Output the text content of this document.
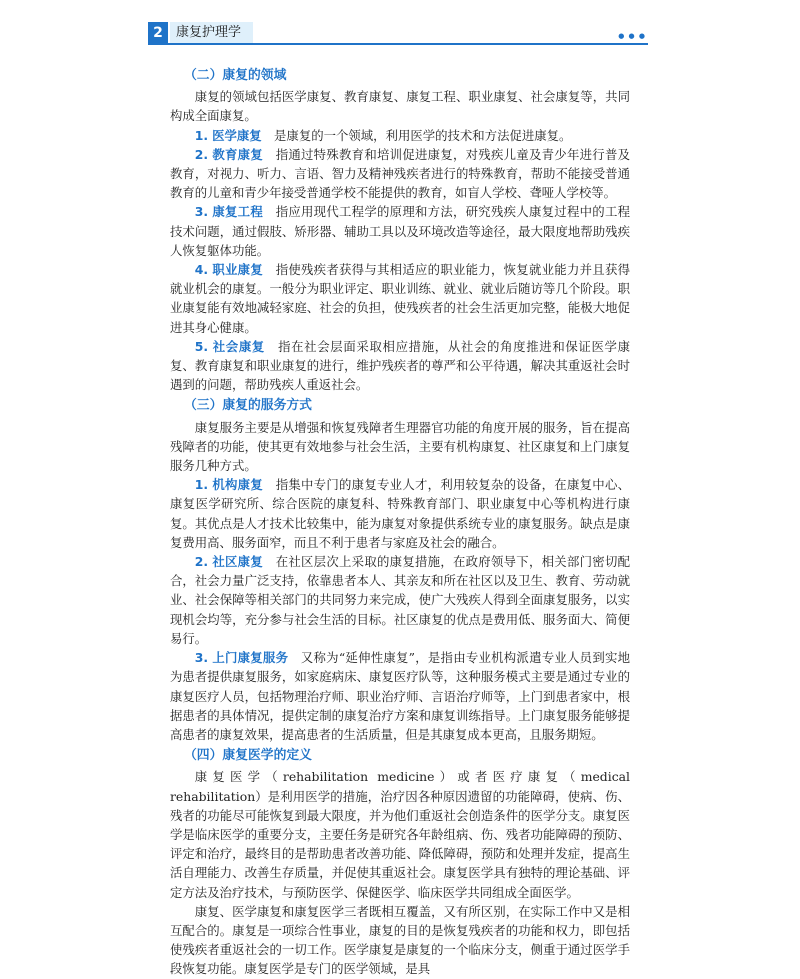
2	康复护理学	● ● ●

（二）康复的领域

康复的领域包括医学康复、教育康复、康复工程、职业康复、社会康复等，共同构成全面康复。

1. 医学康复　 是康复的一个领域，利用医学的技术和方法促进康复。

2. 教育康复　 指通过特殊教育和培训促进康复，对残疾儿童及青少年进行普及教育，对视力、听力、言语、智力及精神残疾者进行的特殊教育，帮助不能接受普通教育的儿童和青少年接受普通学校不能提供的教育，如盲人学校、聋哑人学校等。

3. 康复工程　 指应用现代工程学的原理和方法，研究残疾人康复过程中的工程技术问题，通过假肢、矫形器、辅助工具以及环境改造等途径，最大限度地帮助残疾人恢复躯体功能。

4. 职业康复　 指使残疾者获得与其相适应的职业能力，恢复就业能力并且获得就业机会的康复。一般分为职业评定、职业训练、就业、就业后随访等几个阶段。职业康复能有效地减轻家庭、社会的负担，使残疾者的社会生活更加完整，能极大地促进其身心健康。

5. 社会康复　 指在社会层面采取相应措施，从社会的角度推进和保证医学康复、教育康复和职业康复的进行，维护残疾者的尊严和公平待遇，解决其重返社会时遇到的问题，帮助残疾人重返社会。

（三）康复的服务方式

康复服务主要是从增强和恢复残障者生理器官功能的角度开展的服务，旨在提高残障者的功能，使其更有效地参与社会生活，主要有机构康复、社区康复和上门康复服务几种方式。

1. 机构康复　 指集中专门的康复专业人才，利用较复杂的设备，在康复中心、康复医学研究所、综合医院的康复科、特殊教育部门、职业康复中心等机构进行康复。其优点是人才技术比较集中，能为康复对象提供系统专业的康复服务。缺点是康复费用高、服务面窄，而且不利于患者与家庭及社会的融合。

2. 社区康复　 在社区层次上采取的康复措施，在政府领导下，相关部门密切配合，社会力量广泛支持，依靠患者本人、其亲友和所在社区以及卫生、教育、劳动就业、社会保障等相关部门的共同努力来完成，使广大残疾人得到全面康复服务，以实现机会均等，充分参与社会生活的目标。社区康复的优点是费用低、服务面大、简便易行。

3. 上门康复服务　 又称为“延伸性康复”，是指由专业机构派遣专业人员到实地为患者提供康复服务，如家庭病床、康复医疗队等，这种服务模式主要是通过专业的康复医疗人员，包括物理治疗师、职业治疗师、言语治疗师等，上门到患者家中，根据患者的具体情况，提供定制的康复治疗方案和康复训练指导。上门康复服务能够提高患者的康复效果，提高患者的生活质量，但是其康复成本更高，且服务期短。

（四）康复医学的定义

康复医学（rehabilitation medicine）或者医疗康复（medical rehabilitation）是利用医学的措施，治疗因各种原因遗留的功能障碍，使病、伤、残者的功能尽可能恢复到最大限度，并为他们重返社会创造条件的医学分支。康复医学是临床医学的重要分支，主要任务是研究各年龄组病、伤、残者功能障碍的预防、评定和治疗，最终目的是帮助患者改善功能、降低障碍，预防和处理并发症，提高生活自理能力、改善生存质量，并促使其重返社会。康复医学具有独特的理论基础、评定方法及治疗技术，与预防医学、保健医学、临床医学共同组成全面医学。

康复、医学康复和康复医学三者既相互覆盖，又有所区别，在实际工作中又是相互配合的。康复是一项综合性事业，康复的目的是恢复残疾者的功能和权力，即包括使残疾者重返社会的一切工作。医学康复是康复的一个临床分支，侧重于通过医学手段恢复功能。康复医学是专门的医学领域，是具
